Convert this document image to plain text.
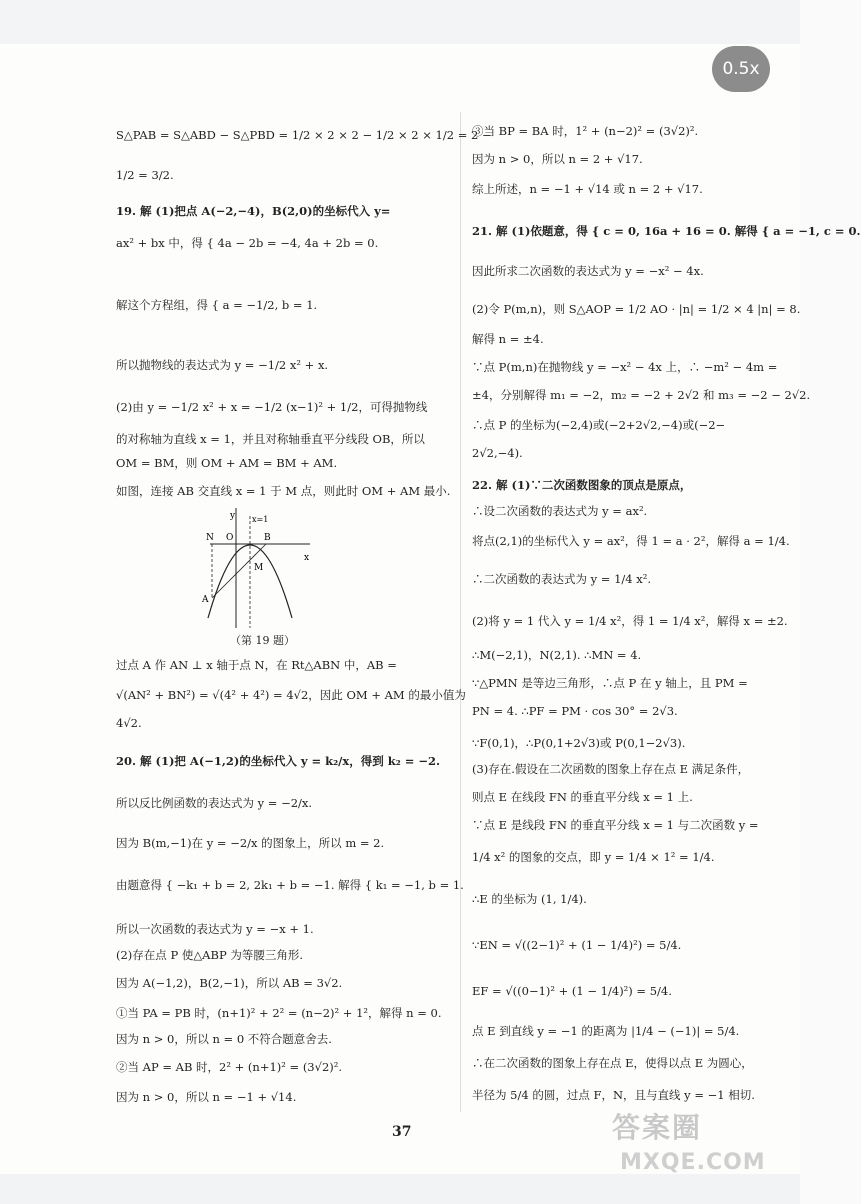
0.5x
S△PAB = S△ABD − S△PBD = 1/2 × 2 × 2 − 1/2 × 2 × 1/2 = 2 −
1/2 = 3/2.
19. 解 (1)把点 A(−2,−4)，B(2,0)的坐标代入 y=
ax² + bx 中，得 { 4a − 2b = −4, 4a + 2b = 0.
解这个方程组，得 { a = −1/2, b = 1.
所以抛物线的表达式为 y = −1/2 x² + x.
(2)由 y = −1/2 x² + x = −1/2 (x−1)² + 1/2，可得抛物线
的对称轴为直线 x = 1，并且对称轴垂直平分线段 OB，所以
OM = BM，则 OM + AM = BM + AM.
如图，连接 AB 交直线 x = 1 于 M 点，则此时 OM + AM 最小.
y x=1
N O	B
M
x
A
（第 19 题）
过点 A 作 AN ⊥ x 轴于点 N，在 Rt△ABN 中，AB =
√(AN² + BN²) = √(4² + 4²) = 4√2，因此 OM + AM 的最小值为
4√2.
20. 解 (1)把 A(−1,2)的坐标代入 y = k₂/x，得到 k₂ = −2.
所以反比例函数的表达式为 y = −2/x.
因为 B(m,−1)在 y = −2/x 的图象上，所以 m = 2.
由题意得 { −k₁ + b = 2, 2k₁ + b = −1. 解得 { k₁ = −1, b = 1.
所以一次函数的表达式为 y = −x + 1.
(2)存在点 P 使△ABP 为等腰三角形.
因为 A(−1,2)，B(2,−1)，所以 AB = 3√2.
①当 PA = PB 时，(n+1)² + 2² = (n−2)² + 1²，解得 n = 0.
因为 n > 0，所以 n = 0 不符合题意舍去.
②当 AP = AB 时，2² + (n+1)² = (3√2)².
因为 n > 0，所以 n = −1 + √14.
③当 BP = BA 时，1² + (n−2)² = (3√2)².
因为 n > 0，所以 n = 2 + √17.
综上所述，n = −1 + √14 或 n = 2 + √17.
21. 解 (1)依题意，得 { c = 0, 16a + 16 = 0. 解得 { a = −1, c = 0.
因此所求二次函数的表达式为 y = −x² − 4x.
(2)令 P(m,n)，则 S△AOP = 1/2 AO · |n| = 1/2 × 4 |n| = 8.
解得 n = ±4.
∵点 P(m,n)在抛物线 y = −x² − 4x 上，∴ −m² − 4m =
±4，分别解得 m₁ = −2，m₂ = −2 + 2√2 和 m₃ = −2 − 2√2.
∴点 P 的坐标为(−2,4)或(−2+2√2,−4)或(−2−
2√2,−4).
22. 解 (1)∵二次函数图象的顶点是原点，
∴设二次函数的表达式为 y = ax².
将点(2,1)的坐标代入 y = ax²，得 1 = a · 2²，解得 a = 1/4.
∴二次函数的表达式为 y = 1/4 x².
(2)将 y = 1 代入 y = 1/4 x²，得 1 = 1/4 x²，解得 x = ±2.
∴M(−2,1)，N(2,1). ∴MN = 4.
∵△PMN 是等边三角形，∴点 P 在 y 轴上，且 PM =
PN = 4. ∴PF = PM · cos 30° = 2√3.
∵F(0,1)，∴P(0,1+2√3)或 P(0,1−2√3).
(3)存在.假设在二次函数的图象上存在点 E 满足条件，
则点 E 在线段 FN 的垂直平分线 x = 1 上.
∵点 E 是线段 FN 的垂直平分线 x = 1 与二次函数 y =
1/4 x² 的图象的交点，即 y = 1/4 × 1² = 1/4.
∴E 的坐标为 (1, 1/4).
∵EN = √((2−1)² + (1 − 1/4)²) = 5/4.
EF = √((0−1)² + (1 − 1/4)²) = 5/4.
点 E 到直线 y = −1 的距离为 |1/4 − (−1)| = 5/4.
∴在二次函数的图象上存在点 E，使得以点 E 为圆心，
半径为 5/4 的圆，过点 F，N，且与直线 y = −1 相切.
37	答案圈
MXQE.COM
